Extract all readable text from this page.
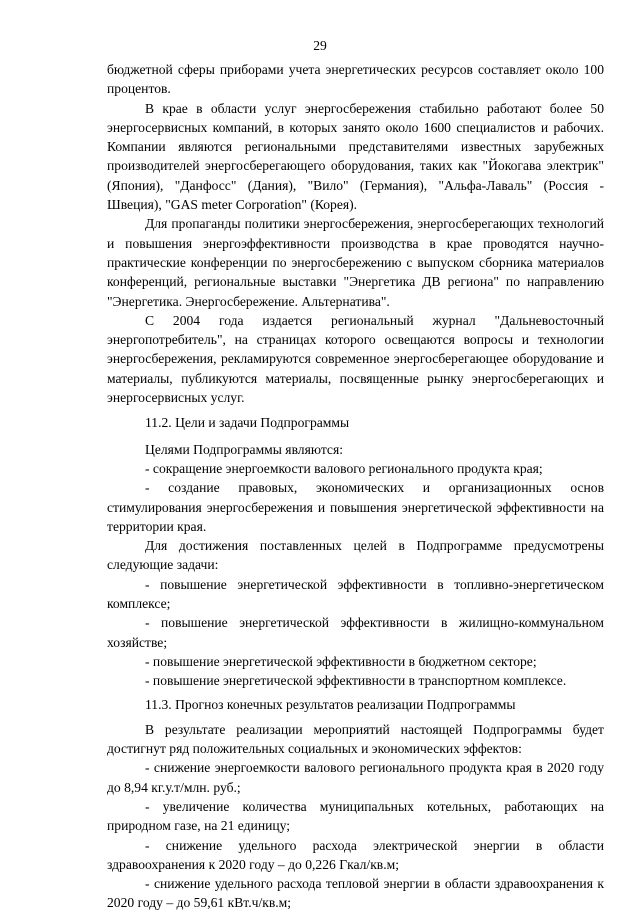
29

бюджетной сферы приборами учета энергетических ресурсов составляет около 100 процентов.

В крае в области услуг энергосбережения стабильно работают более 50 энергосервисных компаний, в которых занято около 1600 специалистов и рабочих. Компании являются региональными представителями известных зарубежных производителей энергосберегающего оборудования, таких как "Йокогава электрик" (Япония), "Данфосс" (Дания), "Вило" (Германия), "Альфа-Лаваль" (Россия - Швеция), "GAS meter Corporation" (Корея).

Для пропаганды политики энергосбережения, энергосберегающих технологий и повышения энергоэффективности производства в крае проводятся научно-практические конференции по энергосбережению с выпуском сборника материалов конференций, региональные выставки "Энергетика ДВ региона" по направлению "Энергетика. Энергосбережение. Альтернатива".

С 2004 года издается региональный журнал "Дальневосточный энергопотребитель", на страницах которого освещаются вопросы и технологии энергосбережения, рекламируются современное энергосберегающее оборудование и материалы, публикуются материалы, посвященные рынку энергосберегающих и энергосервисных услуг.

11.2. Цели и задачи Подпрограммы

Целями Подпрограммы являются:

- сокращение энергоемкости валового регионального продукта края;

- создание правовых, экономических и организационных основ стимулирования энергосбережения и повышения энергетической эффективности на территории края.

Для достижения поставленных целей в Подпрограмме предусмотрены следующие задачи:

- повышение энергетической эффективности в топливно-энергетическом комплексе;

- повышение энергетической эффективности в жилищно-коммунальном хозяйстве;

- повышение энергетической эффективности в бюджетном секторе;

- повышение энергетической эффективности в транспортном комплексе.

11.3. Прогноз конечных результатов реализации Подпрограммы

В результате реализации мероприятий настоящей Подпрограммы будет достигнут ряд положительных социальных и экономических эффектов:

- снижение энергоемкости валового регионального продукта края в 2020 году до 8,94 кг.у.т/млн. руб.;

- увеличение количества муниципальных котельных, работающих на природном газе, на 21 единицу;

- снижение удельного расхода электрической энергии в области здравоохранения к 2020 году – до 0,226 Гкал/кв.м;

- снижение удельного расхода тепловой энергии в области здравоохранения к 2020 году – до 59,61 кВт.ч/кв.м;
